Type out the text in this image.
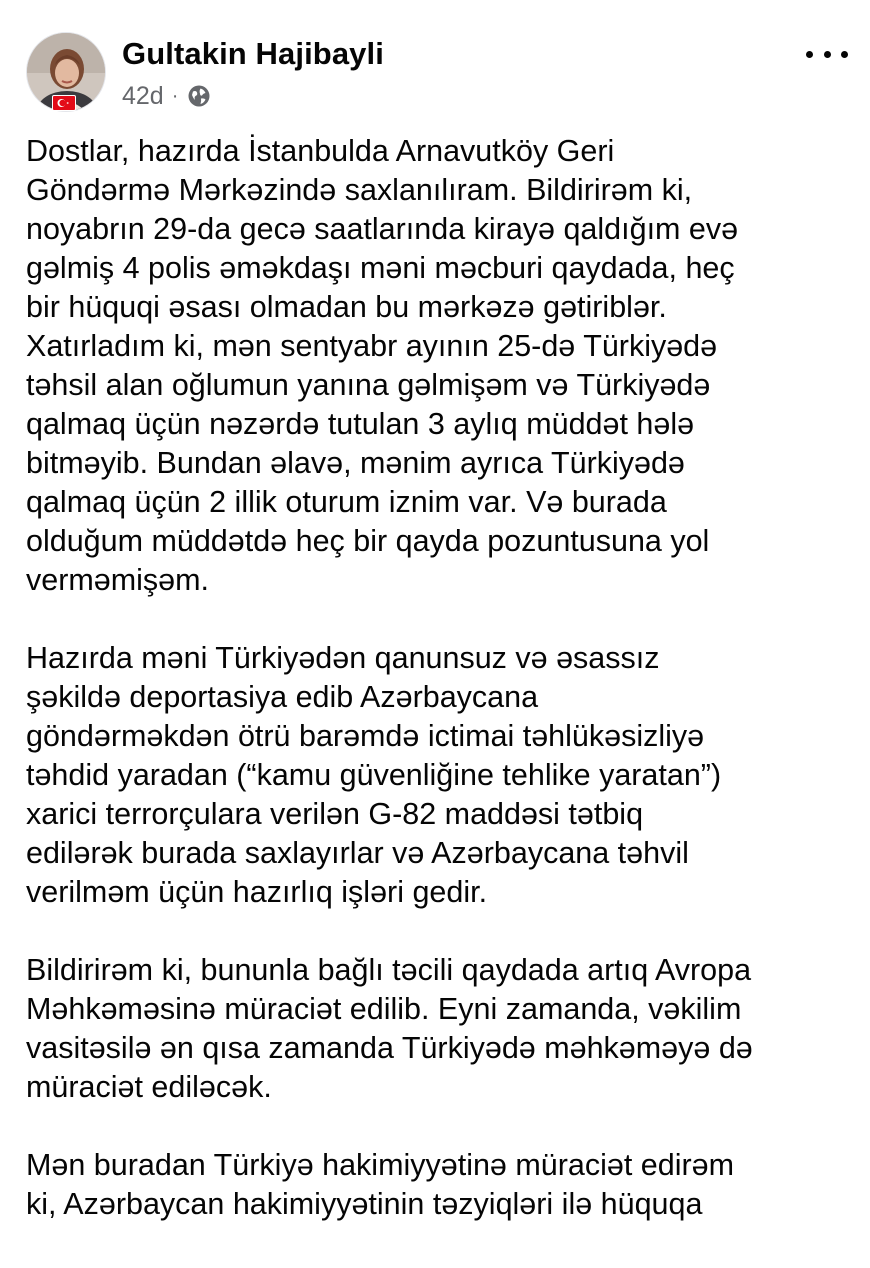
Gultakin Hajibayli
42d ·
Dostlar, hazırda İstanbulda Arnavutköy Geri
Göndərmə Mərkəzində saxlanılıram. Bildirirəm ki,
noyabrın 29-da gecə saatlarında kirayə qaldığım evə
gəlmiş 4 polis əməkdaşı məni məcburi qaydada, heç
bir hüquqi əsası olmadan bu mərkəzə gətiriblər.
Xatırladım ki, mən sentyabr ayının 25-də Türkiyədə
təhsil alan oğlumun yanına gəlmişəm və Türkiyədə
qalmaq üçün nəzərdə tutulan 3 aylıq müddət hələ
bitməyib. Bundan əlavə, mənim ayrıca Türkiyədə
qalmaq üçün 2 illik oturum iznim var. Və burada
olduğum müddətdə heç bir qayda pozuntusuna yol
verməmişəm.
Hazırda məni Türkiyədən qanunsuz və əsassız
şəkildə deportasiya edib Azərbaycana
göndərməkdən ötrü barəmdə ictimai təhlükəsizliyə
təhdid yaradan (“kamu güvenliğine tehlike yaratan”)
xarici terrorçulara verilən G-82 maddəsi tətbiq
edilərək burada saxlayırlar və Azərbaycana təhvil
verilməm üçün hazırlıq işləri gedir.
Bildirirəm ki, bununla bağlı təcili qaydada artıq Avropa
Məhkəməsinə müraciət edilib. Eyni zamanda, vəkilim
vasitəsilə ən qısa zamanda Türkiyədə məhkəməyə də
müraciət ediləcək.
Mən buradan Türkiyə hakimiyyətinə müraciət edirəm
ki, Azərbaycan hakimiyyətinin təzyiqləri ilə hüquqa
